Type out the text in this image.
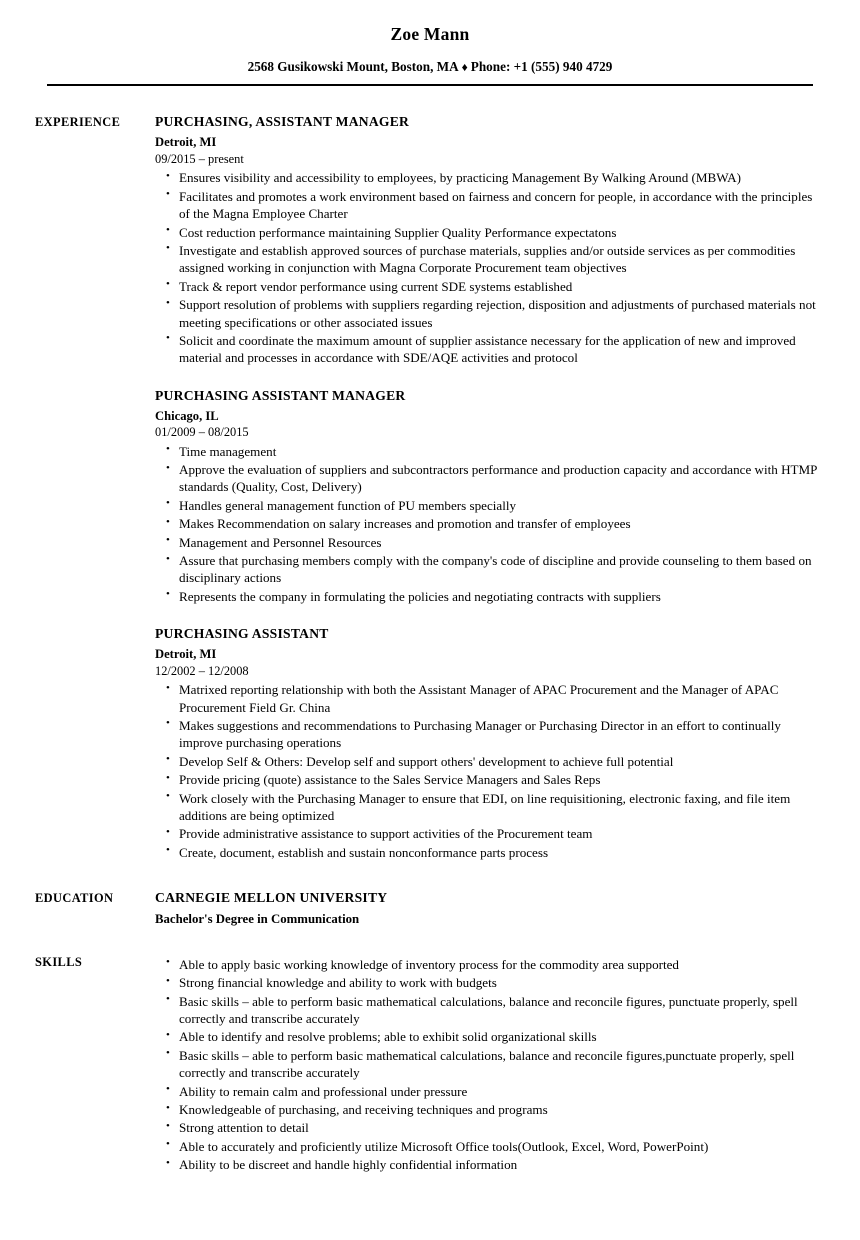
Zoe Mann
2568 Gusikowski Mount, Boston, MA ♦ Phone: +1 (555) 940 4729
EXPERIENCE	PURCHASING, ASSISTANT MANAGER
Detroit, MI
09/2015 – present
• Ensures visibility and accessibility to employees, by practicing Management By Walking Around (MBWA)
• Facilitates and promotes a work environment based on fairness and concern for people, in accordance with the principles of the Magna Employee Charter
• Cost reduction performance maintaining Supplier Quality Performance expectatons
• Investigate and establish approved sources of purchase materials, supplies and/or outside services as per commodities assigned working in conjunction with Magna Corporate Procurement team objectives
• Track & report vendor performance using current SDE systems established
• Support resolution of problems with suppliers regarding rejection, disposition and adjustments of purchased materials not meeting specifications or other associated issues
• Solicit and coordinate the maximum amount of supplier assistance necessary for the application of new and improved material and processes in accordance with SDE/AQE activities and protocol
PURCHASING ASSISTANT MANAGER
Chicago, IL
01/2009 – 08/2015
• Time management
• Approve the evaluation of suppliers and subcontractors performance and production capacity and accordance with HTMP standards (Quality, Cost, Delivery)
• Handles general management function of PU members specially
• Makes Recommendation on salary increases and promotion and transfer of employees
• Management and Personnel Resources
• Assure that purchasing members comply with the company's code of discipline and provide counseling to them based on disciplinary actions
• Represents the company in formulating the policies and negotiating contracts with suppliers
PURCHASING ASSISTANT
Detroit, MI
12/2002 – 12/2008
• Matrixed reporting relationship with both the Assistant Manager of APAC Procurement and the Manager of APAC Procurement Field Gr. China
• Makes suggestions and recommendations to Purchasing Manager or Purchasing Director in an effort to continually improve purchasing operations
• Develop Self & Others: Develop self and support others' development to achieve full potential
• Provide pricing (quote) assistance to the Sales Service Managers and Sales Reps
• Work closely with the Purchasing Manager to ensure that EDI, on line requisitioning, electronic faxing, and file item additions are being optimized
• Provide administrative assistance to support activities of the Procurement team
• Create, document, establish and sustain nonconformance parts process
EDUCATION	CARNEGIE MELLON UNIVERSITY
Bachelor's Degree in Communication
SKILLS	• Able to apply basic working knowledge of inventory process for the commodity area supported
• Strong financial knowledge and ability to work with budgets
• Basic skills – able to perform basic mathematical calculations, balance and reconcile figures, punctuate properly, spell correctly and transcribe accurately
• Able to identify and resolve problems; able to exhibit solid organizational skills
• Basic skills – able to perform basic mathematical calculations, balance and reconcile figures,punctuate properly, spell correctly and transcribe accurately
• Ability to remain calm and professional under pressure
• Knowledgeable of purchasing, and receiving techniques and programs
• Strong attention to detail
• Able to accurately and proficiently utilize Microsoft Office tools(Outlook, Excel, Word, PowerPoint)
• Ability to be discreet and handle highly confidential information
